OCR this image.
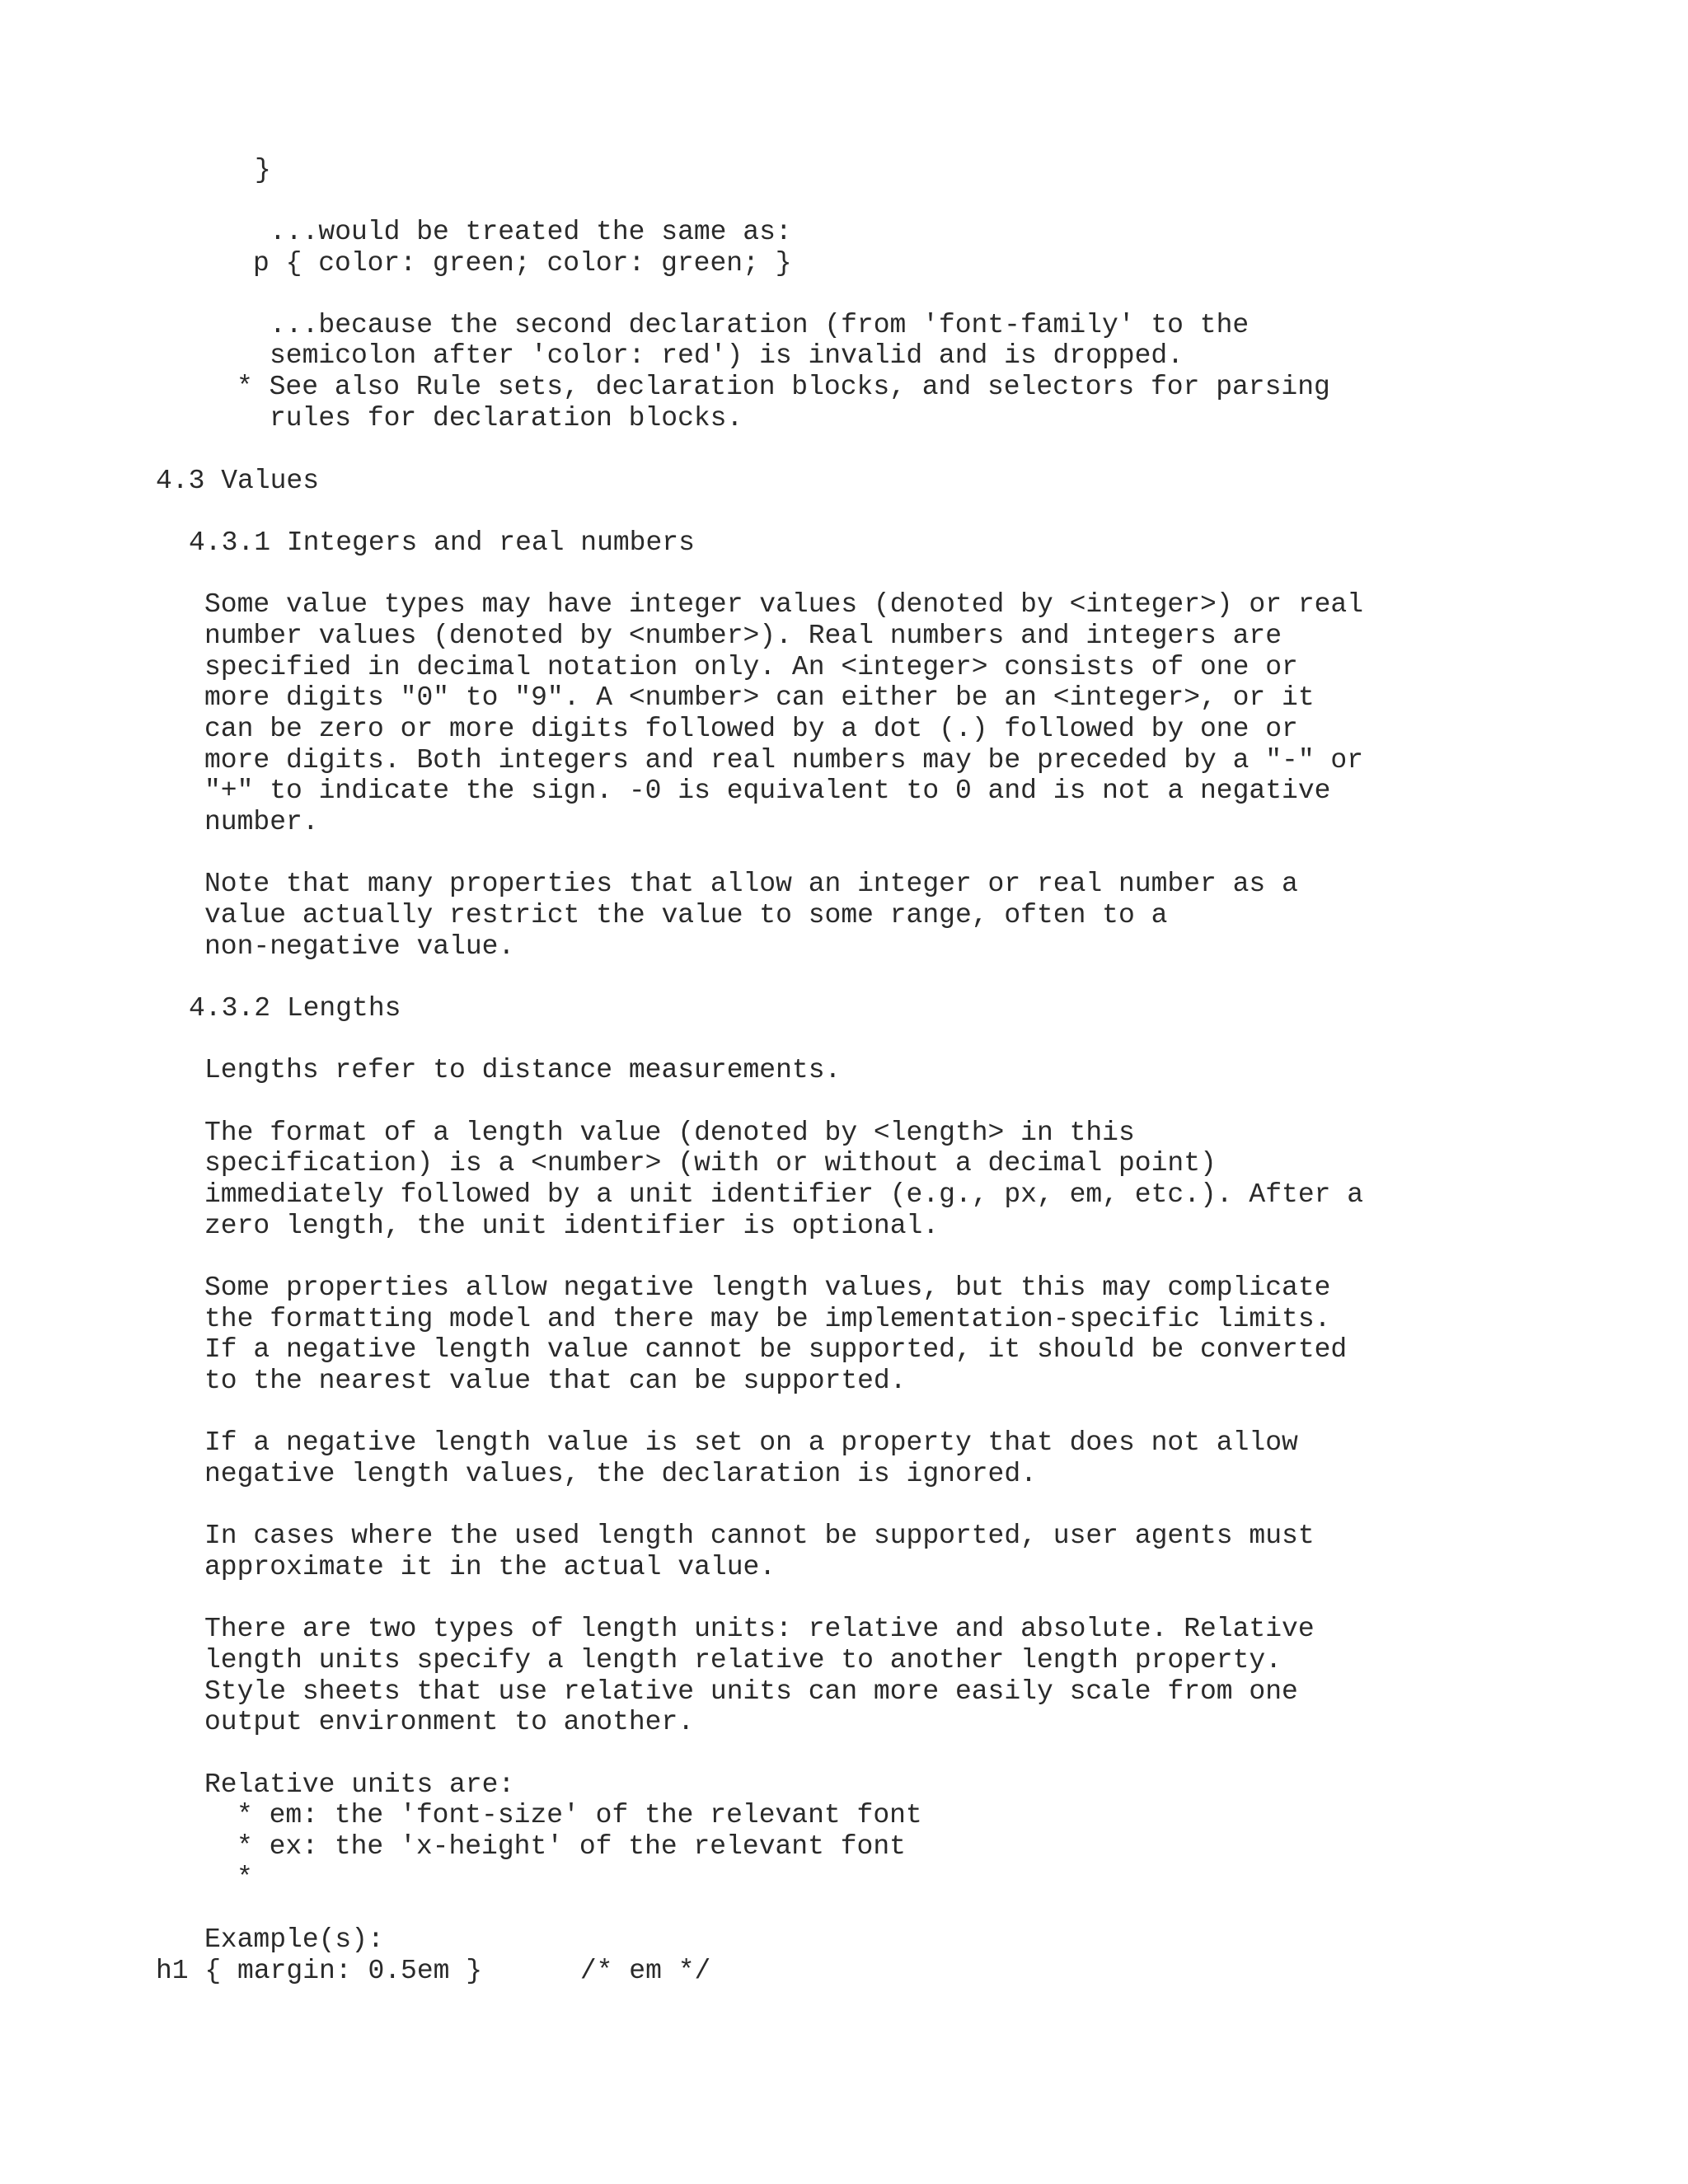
}
...would be treated the same as:
p { color: green; color: green; }
...because the second declaration (from 'font-family' to the
semicolon after 'color: red') is invalid and is dropped.
* See also Rule sets, declaration blocks, and selectors for parsing
rules for declaration blocks.
4.3 Values
4.3.1 Integers and real numbers
Some value types may have integer values (denoted by <integer>) or real
number values (denoted by <number>). Real numbers and integers are
specified in decimal notation only. An <integer> consists of one or
more digits "0" to "9". A <number> can either be an <integer>, or it
can be zero or more digits followed by a dot (.) followed by one or
more digits. Both integers and real numbers may be preceded by a "-" or
"+" to indicate the sign. -0 is equivalent to 0 and is not a negative
number.
Note that many properties that allow an integer or real number as a
value actually restrict the value to some range, often to a
non-negative value.
4.3.2 Lengths
Lengths refer to distance measurements.
The format of a length value (denoted by <length> in this
specification) is a <number> (with or without a decimal point)
immediately followed by a unit identifier (e.g., px, em, etc.). After a
zero length, the unit identifier is optional.
Some properties allow negative length values, but this may complicate
the formatting model and there may be implementation-specific limits.
If a negative length value cannot be supported, it should be converted
to the nearest value that can be supported.
If a negative length value is set on a property that does not allow
negative length values, the declaration is ignored.
In cases where the used length cannot be supported, user agents must
approximate it in the actual value.
There are two types of length units: relative and absolute. Relative
length units specify a length relative to another length property.
Style sheets that use relative units can more easily scale from one
output environment to another.
Relative units are:
* em: the 'font-size' of the relevant font
* ex: the 'x-height' of the relevant font
*
Example(s):
h1 { margin: 0.5em }      /* em */
